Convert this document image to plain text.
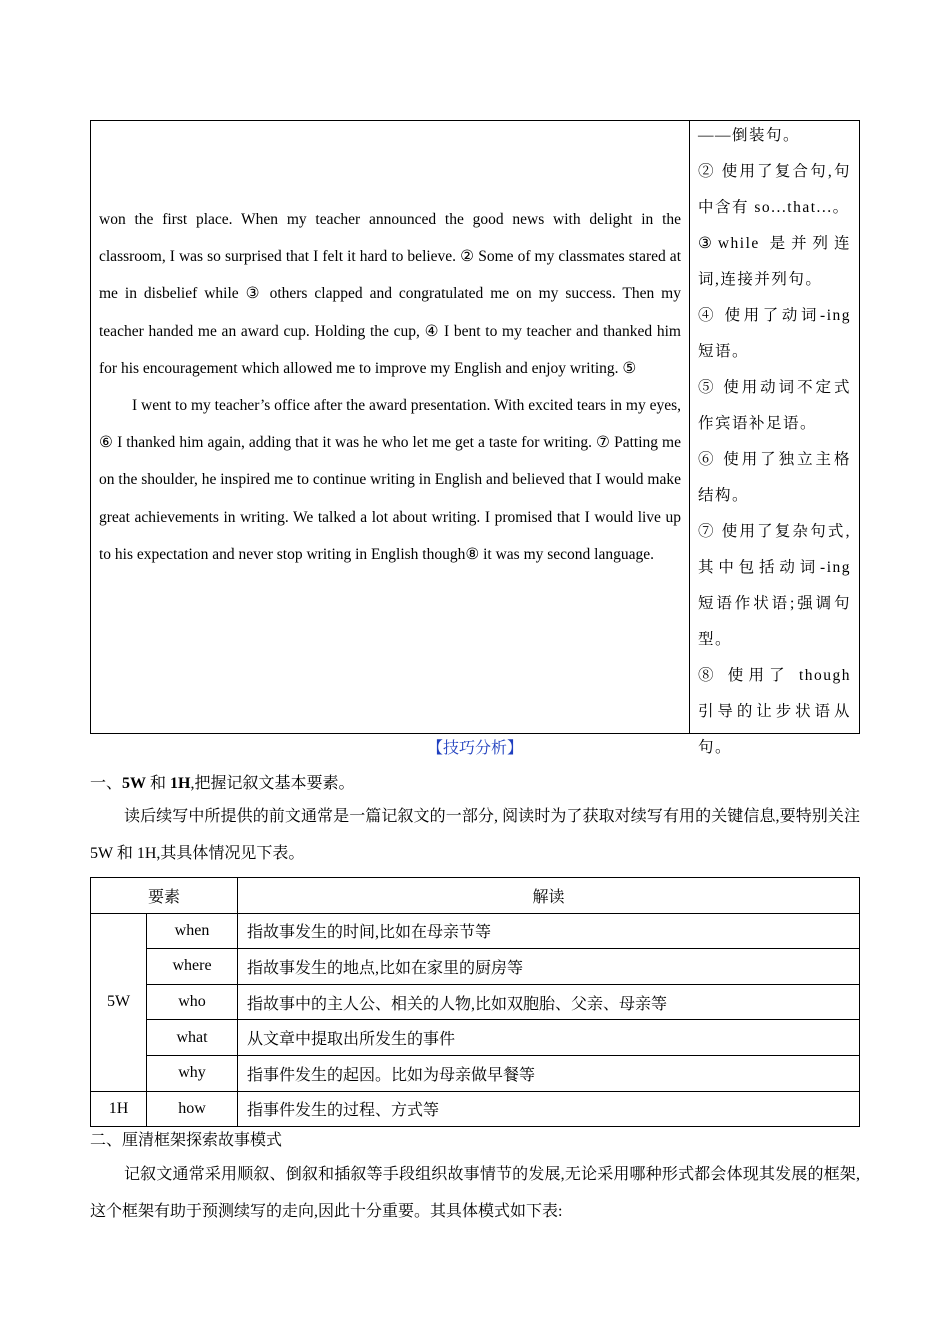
won the first place. When my teacher announced the good news with delight in the classroom, I was so surprised that I felt it hard to believe. ② Some of my classmates stared at me in disbelief while ③ others clapped and congratulated me on my success. Then my teacher handed me an award cup. Holding the cup, ④ I bent to my teacher and thanked him for his encouragement which allowed me to improve my English and enjoy writing. ⑤

I went to my teacher’s office after the award presentation. With excited tears in my eyes, ⑥ I thanked him again, adding that it was he who let me get a taste for writing. ⑦ Patting me on the shoulder, he inspired me to continue writing in English and believed that I would make great achievements in writing. We talked a lot about writing. I promised that I would live up to his expectation and never stop writing in English though⑧ it was my second language.

——倒装句。

② 使用了复合句,句中含有 so...that...。

③while 是并列连词,连接并列句。

④ 使用了动词-ing 短语。

⑤ 使用动词不定式作宾语补足语。

⑥ 使用了独立主格结构。

⑦ 使用了复杂句式,其中包括动词-ing 短语作状语;强调句型。

⑧ 使用了 though 引导的让步状语从句。

【技巧分析】
一、5W 和 1H,把握记叙文基本要素。
读后续写中所提供的前文通常是一篇记叙文的一部分, 阅读时为了获取对续写有用的关键信息,要特别关注 5W 和 1H,其具体情况见下表。
要素		解读
5W	when	指故事发生的时间,比如在母亲节等
	where	指故事发生的地点,比如在家里的厨房等
	who	指故事中的主人公、相关的人物,比如双胞胎、父亲、母亲等
	what	从文章中提取出所发生的事件
	why	指事件发生的起因。比如为母亲做早餐等
1H	how	指事件发生的过程、方式等
二、厘清框架探索故事模式
记叙文通常采用顺叙、倒叙和插叙等手段组织故事情节的发展,无论采用哪种形式都会体现其发展的框架,这个框架有助于预测续写的走向,因此十分重要。其具体模式如下表:
